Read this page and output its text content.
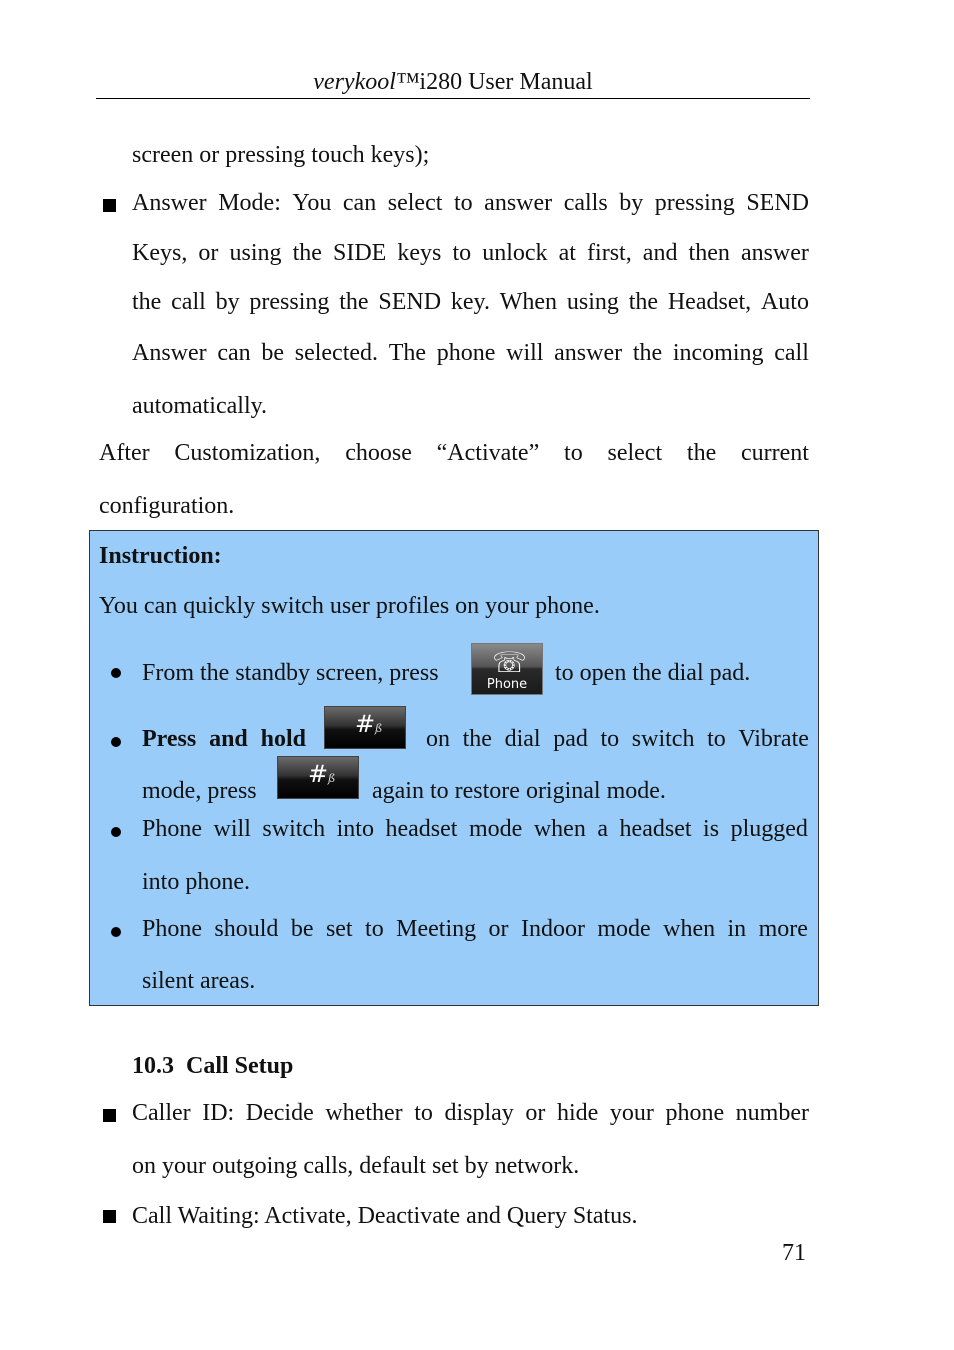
verykool™i280 User Manual
screen or pressing touch keys);
Answer Mode: You can select to answer calls by pressing SEND
Keys, or using the SIDE keys to unlock at first, and then answer
the call by pressing the SEND key. When using the Headset, Auto
Answer can be selected. The phone will answer the incoming call
automatically.
After Customization, choose “Activate” to select the current
configuration.
Instruction:
You can quickly switch user profiles on your phone.
From the standby screen, press ☏
Phone	to open the dial pad.
Press and hold
# ß on the dial pad to switch to Vibrate
mode, press
# ß again to restore original mode.
Phone will switch into headset mode when a headset is plugged
into phone.
Phone should be set to Meeting or Indoor mode when in more
silent areas.
10.3 Call Setup
Caller ID: Decide whether to display or hide your phone number
on your outgoing calls, default set by network.
Call Waiting: Activate, Deactivate and Query Status.
71
